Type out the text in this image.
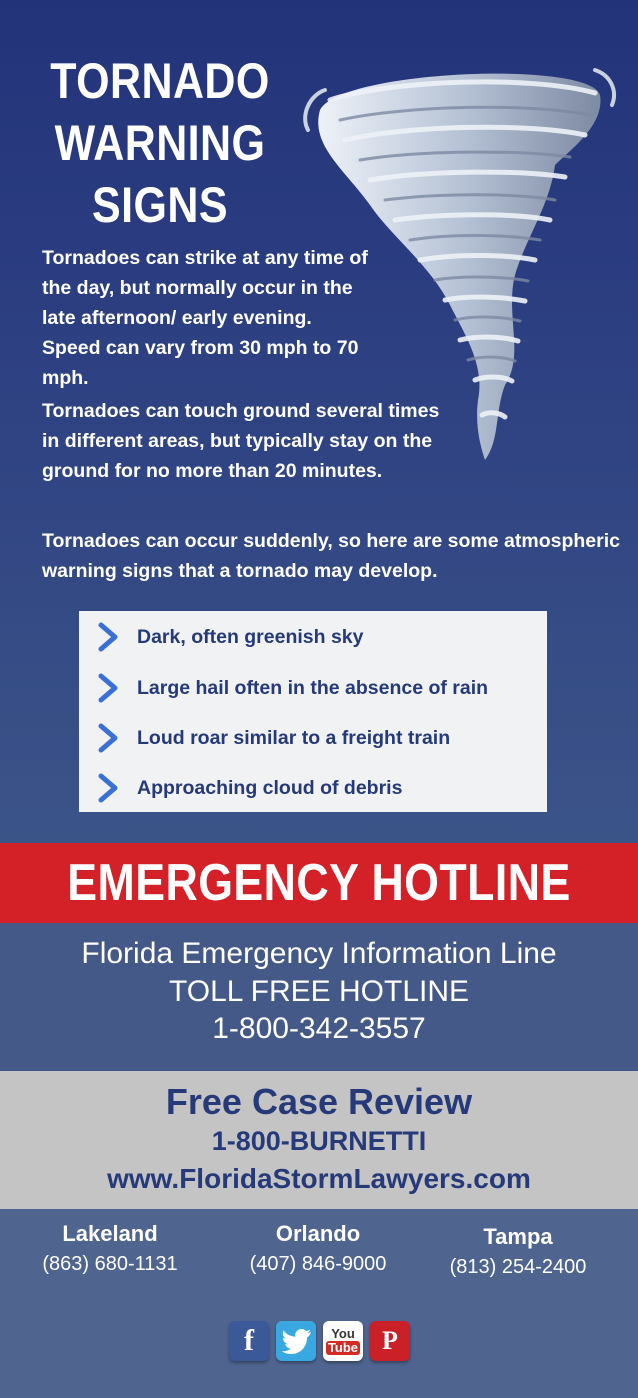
TORNADO
WARNING
SIGNS
Tornadoes can strike at any time of the day, but normally occur in the late afternoon/ early evening. Speed can vary from 30 mph to 70 mph.
Tornadoes can touch ground several times in different areas, but typically stay on the ground for no more than 20 minutes.
Tornadoes can occur suddenly, so here are some atmospheric warning signs that a tornado may develop.
Dark, often greenish sky
Large hail often in the absence of rain
Loud roar similar to a freight train
Approaching cloud of debris
EMERGENCY HOTLINE
Florida Emergency Information Line
TOLL FREE HOTLINE
1-800-342-3557
Free Case Review
1-800-BURNETTI
www.FloridaStormLawyers.com
Lakeland
(863) 680-1131
Orlando
(407) 846-9000
Tampa
(813) 254-2400
f	You
Tube P
